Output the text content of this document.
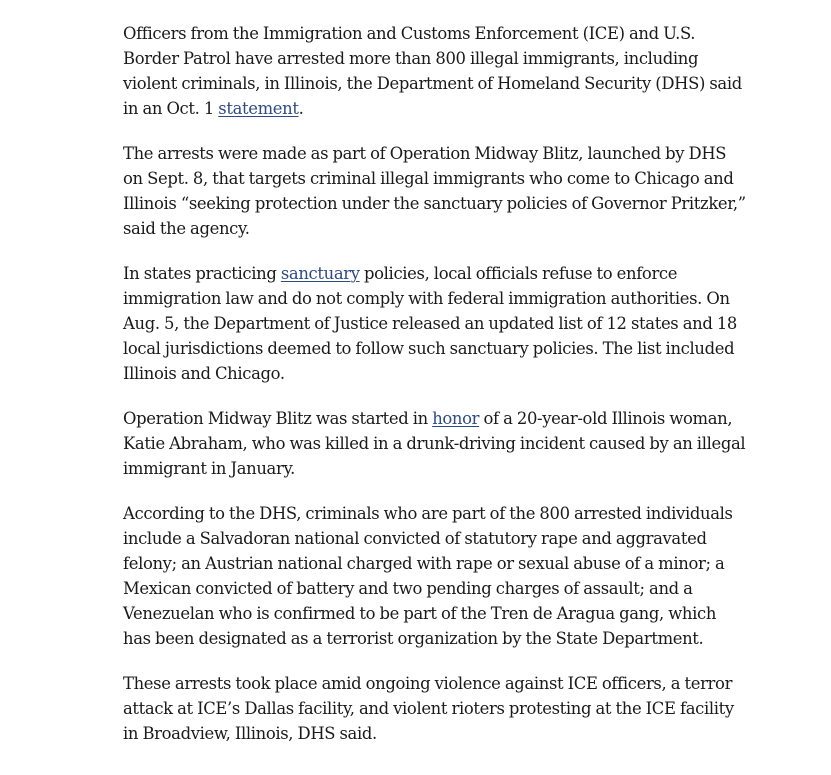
Officers from the Immigration and Customs Enforcement (ICE) and U.S. Border Patrol have arrested more than 800 illegal immigrants, including violent criminals, in Illinois, the Department of Homeland Security (DHS) said in an Oct. 1 statement.

The arrests were made as part of Operation Midway Blitz, launched by DHS on Sept. 8, that targets criminal illegal immigrants who come to Chicago and Illinois “seeking protection under the sanctuary policies of Governor Pritzker,” said the agency.

In states practicing sanctuary policies, local officials refuse to enforce immigration law and do not comply with federal immigration authorities. On Aug. 5, the Department of Justice released an updated list of 12 states and 18 local jurisdictions deemed to follow such sanctuary policies. The list included Illinois and Chicago.

Operation Midway Blitz was started in honor of a 20-year-old Illinois woman, Katie Abraham, who was killed in a drunk-driving incident caused by an illegal immigrant in January.

According to the DHS, criminals who are part of the 800 arrested individuals include a Salvadoran national convicted of statutory rape and aggravated felony; an Austrian national charged with rape or sexual abuse of a minor; a Mexican convicted of battery and two pending charges of assault; and a Venezuelan who is confirmed to be part of the Tren de Aragua gang, which has been designated as a terrorist organization by the State Department.

These arrests took place amid ongoing violence against ICE officers, a terror attack at ICE’s Dallas facility, and violent rioters protesting at the ICE facility in Broadview, Illinois, DHS said.
